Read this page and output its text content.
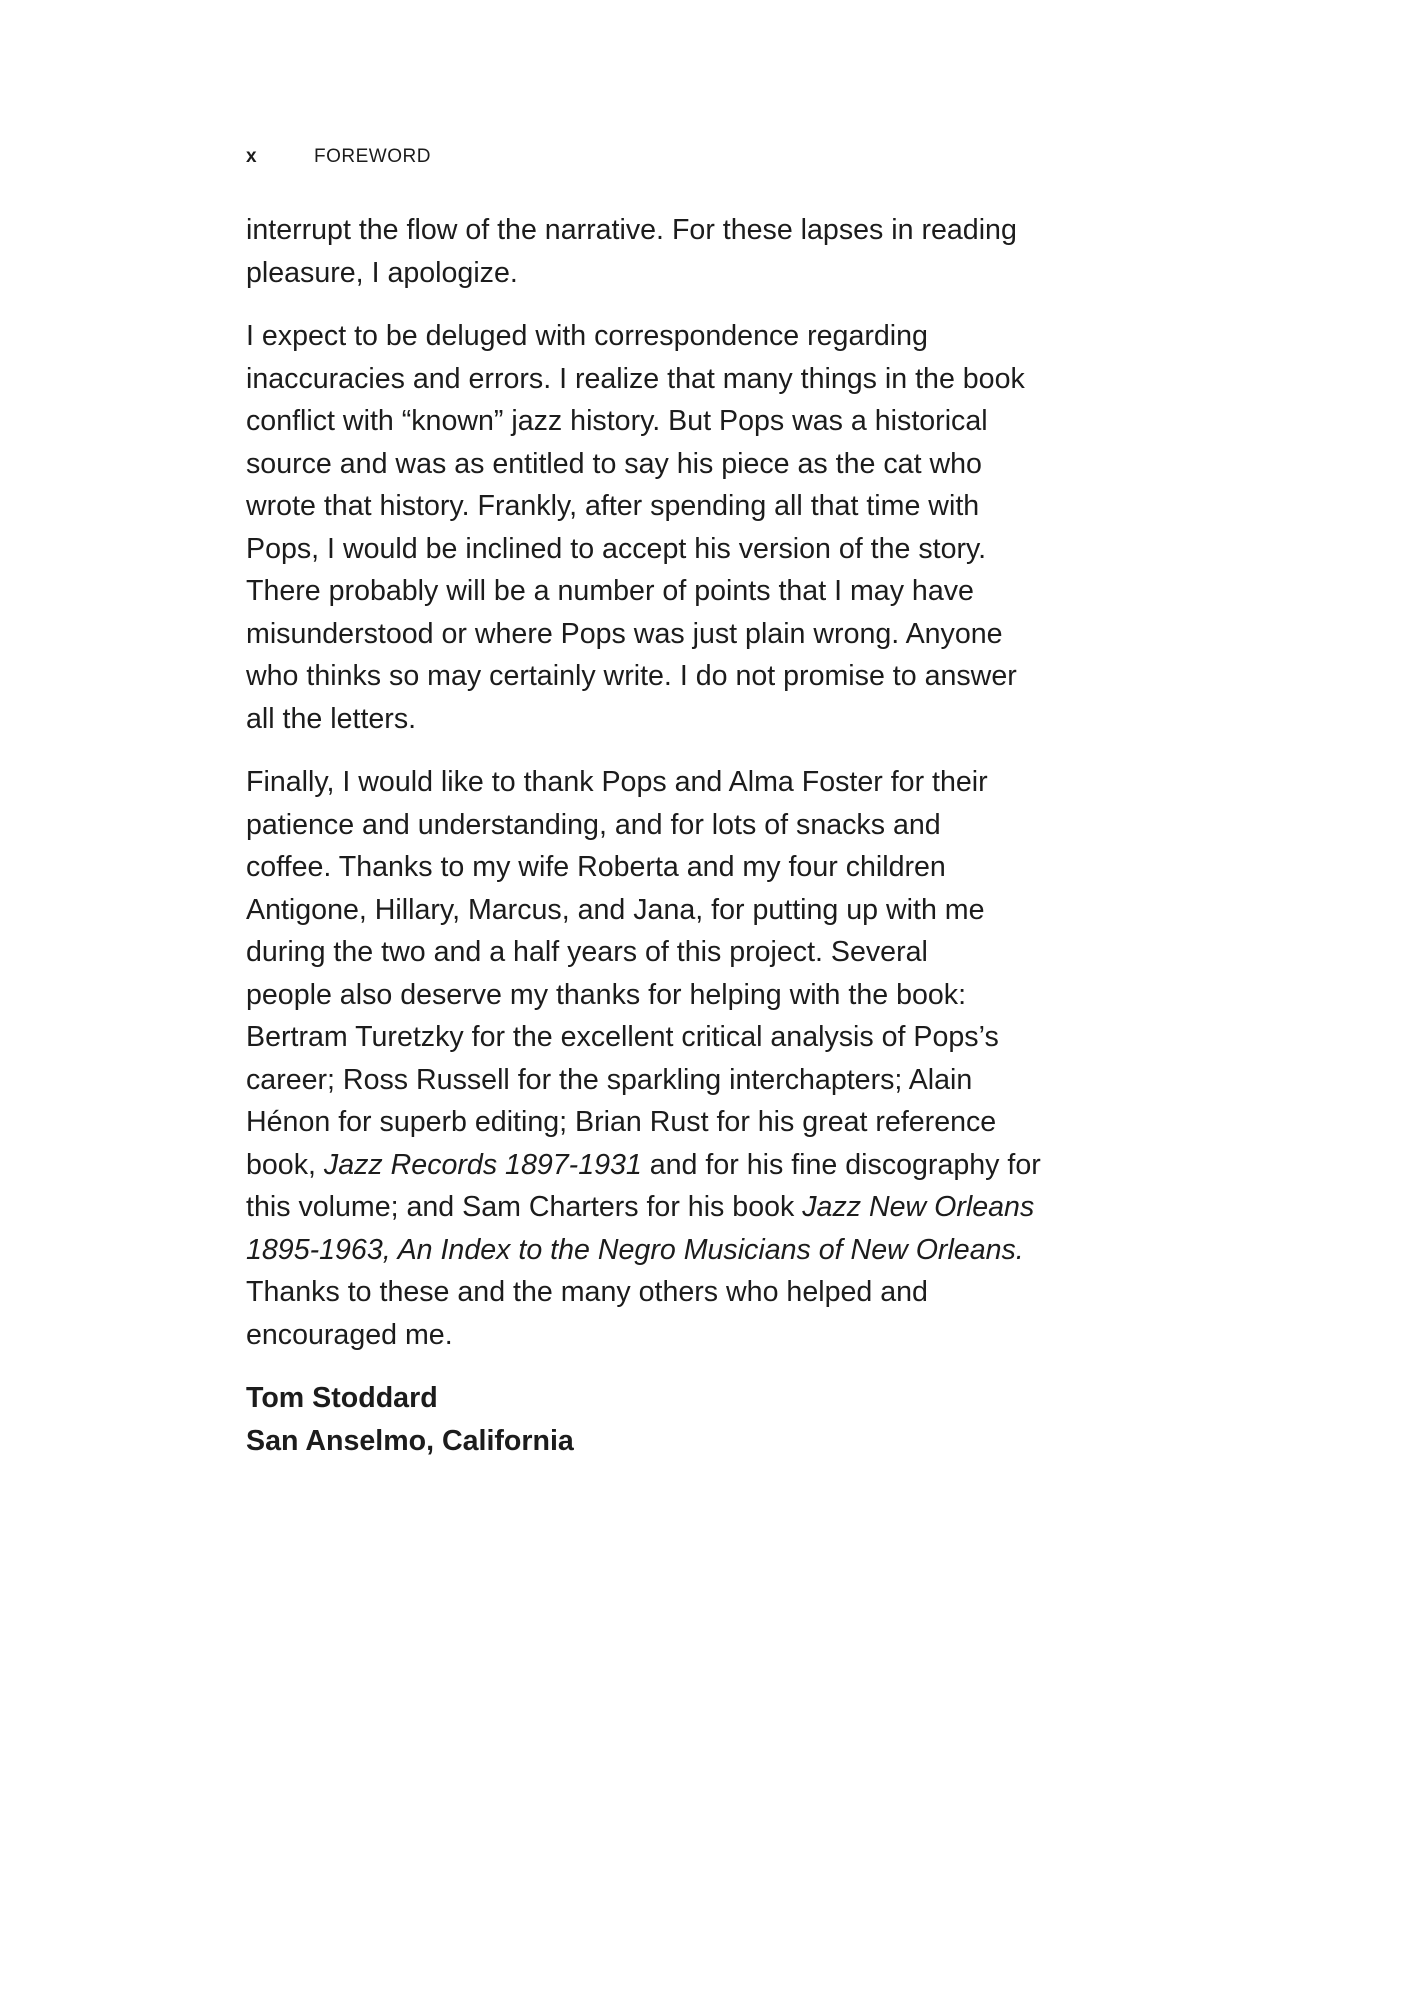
x	FOREWORD

interrupt the flow of the narrative. For these lapses in reading
pleasure, I apologize.

I expect to be deluged with correspondence regarding
inaccuracies and errors. I realize that many things in the book
conflict with “known” jazz history. But Pops was a historical
source and was as entitled to say his piece as the cat who
wrote that history. Frankly, after spending all that time with
Pops, I would be inclined to accept his version of the story.
There probably will be a number of points that I may have
misunderstood or where Pops was just plain wrong. Anyone
who thinks so may certainly write. I do not promise to answer
all the letters.

Finally, I would like to thank Pops and Alma Foster for their
patience and understanding, and for lots of snacks and
coffee. Thanks to my wife Roberta and my four children
Antigone, Hillary, Marcus, and Jana, for putting up with me
during the two and a half years of this project. Several
people also deserve my thanks for helping with the book:
Bertram Turetzky for the excellent critical analysis of Pops’s
career; Ross Russell for the sparkling interchapters; Alain
Hénon for superb editing; Brian Rust for his great reference
book, Jazz Records 1897-1931 and for his fine discography for
this volume; and Sam Charters for his book Jazz New Orleans
1895-1963, An Index to the Negro Musicians of New Orleans.
Thanks to these and the many others who helped and
encouraged me.

Tom Stoddard
San Anselmo, California
